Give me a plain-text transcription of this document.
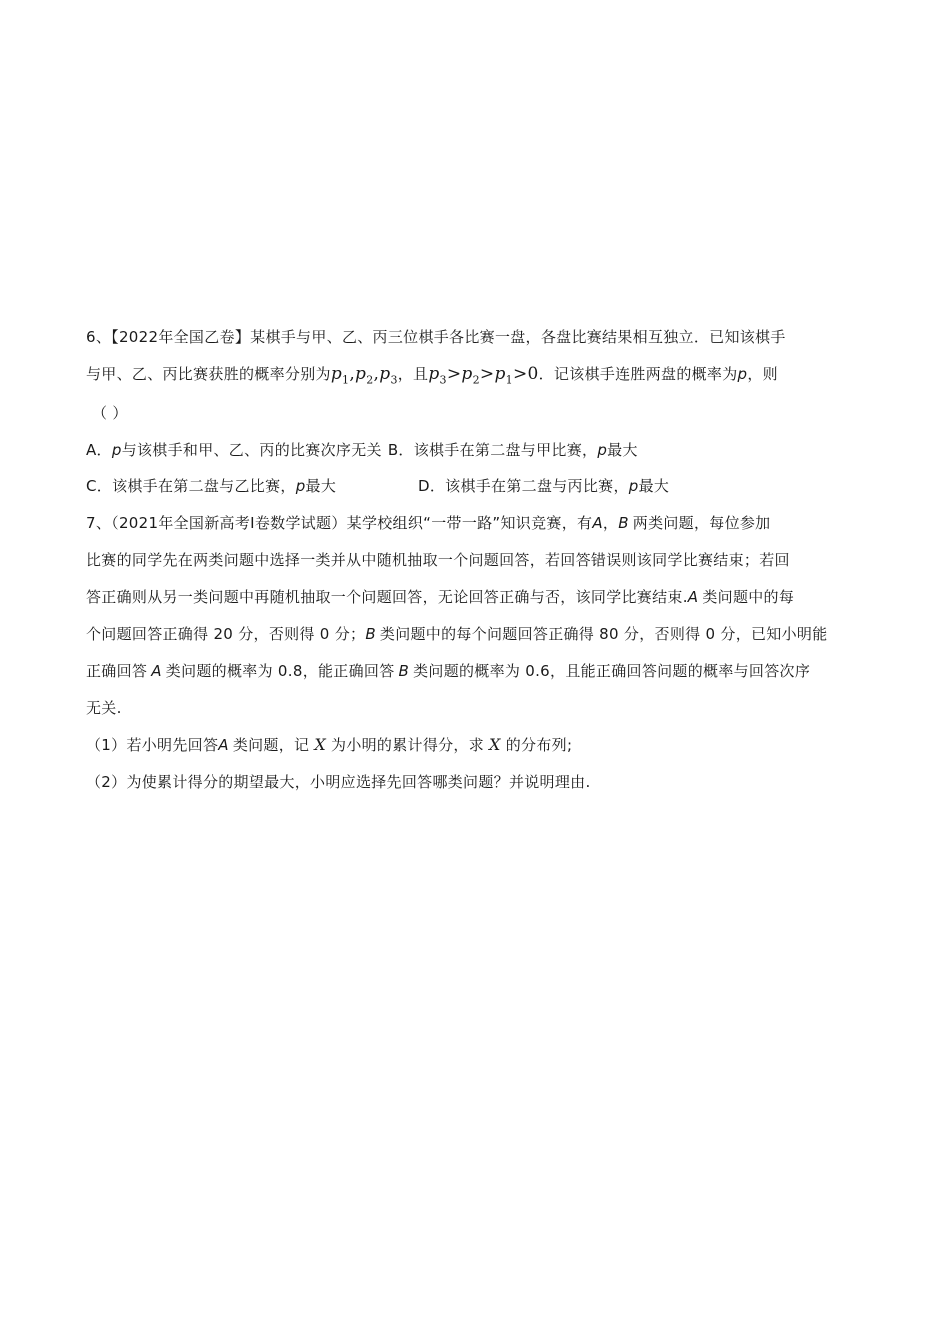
6、【2022年全国乙卷】某棋手与甲、乙、丙三位棋手各比赛一盘，各盘比赛结果相互独立．已知该棋手
与甲、乙、丙比赛获胜的概率分别为$p_1,p_2,p_3$，且$p_3>p_2>p_1>0$．记该棋手连胜两盘的概率为p，则
（ ）
A．p与该棋手和甲、乙、丙的比赛次序无关 B．该棋手在第二盘与甲比赛，p最大
C．该棋手在第二盘与乙比赛，p最大	D．该棋手在第二盘与丙比赛，p最大
7、（2021年全国新高考Ⅰ卷数学试题）某学校组织“一带一路”知识竞赛，有A，B 两类问题，每位参加
比赛的同学先在两类问题中选择一类并从中随机抽取一个问题回答，若回答错误则该同学比赛结束；若回
答正确则从另一类问题中再随机抽取一个问题回答，无论回答正确与否，该同学比赛结束.A 类问题中的每
个问题回答正确得 20 分，否则得 0 分；B 类问题中的每个问题回答正确得 80 分，否则得 0 分，已知小明能
正确回答 A 类问题的概率为 0.8，能正确回答 B 类问题的概率为 0.6，且能正确回答问题的概率与回答次序
无关.
（1）若小明先回答A 类问题，记 X 为小明的累计得分，求 X 的分布列;
（2）为使累计得分的期望最大，小明应选择先回答哪类问题？并说明理由.
